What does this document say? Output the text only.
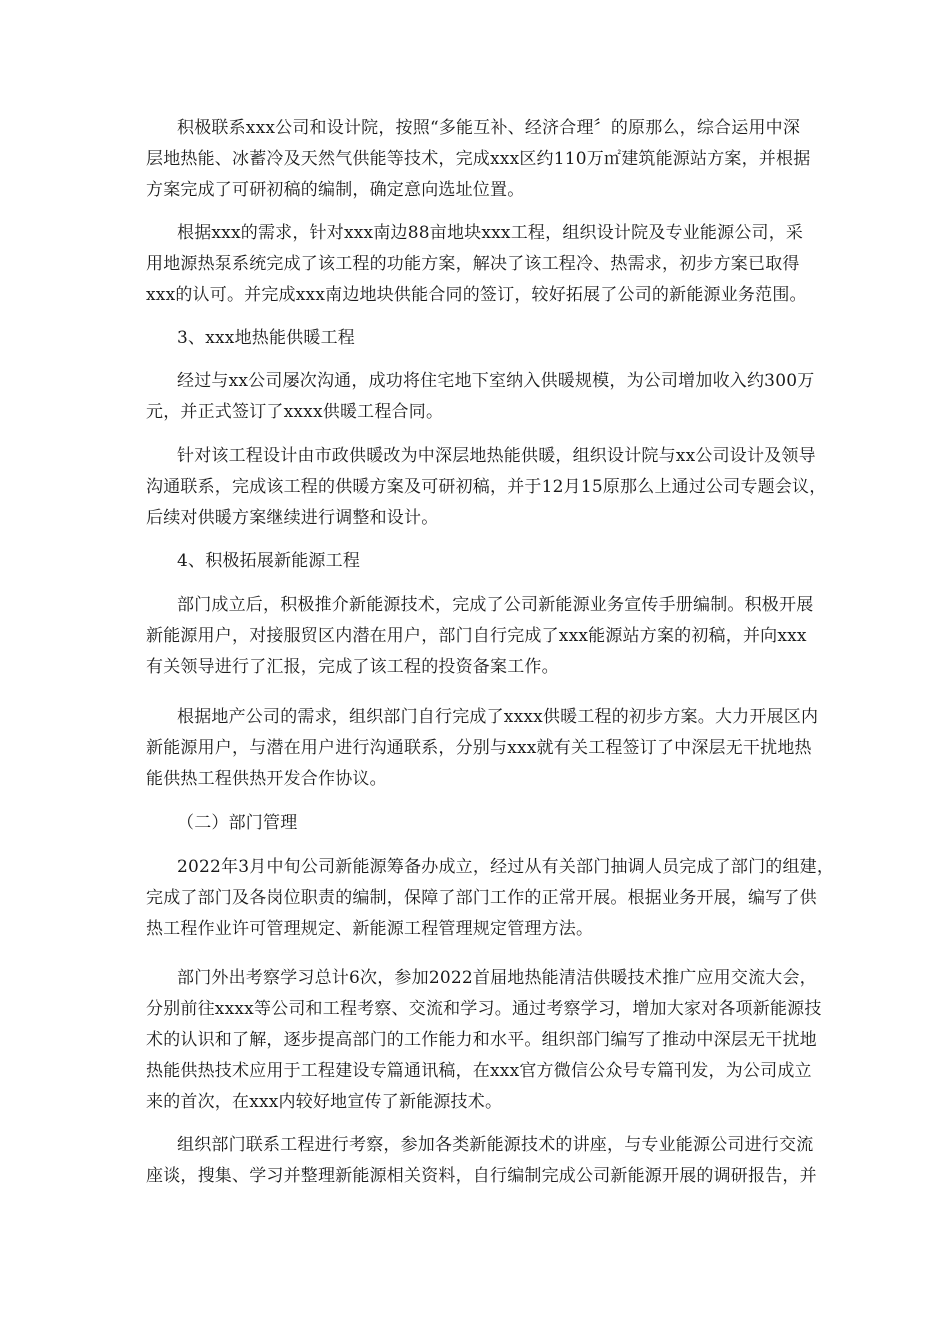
积极联系xxx公司和设计院，按照“多能互补、经济合理〞的原那么，综合运用中深
层地热能、冰蓄冷及天然气供能等技术，完成xxx区约110万㎡建筑能源站方案，并根据
方案完成了可研初稿的编制，确定意向选址位置。
根据xxx的需求，针对xxx南边88亩地块xxx工程，组织设计院及专业能源公司，采
用地源热泵系统完成了该工程的功能方案，解决了该工程冷、热需求，初步方案已取得
xxx的认可。并完成xxx南边地块供能合同的签订，较好拓展了公司的新能源业务范围。
3、xxx地热能供暖工程
经过与xx公司屡次沟通，成功将住宅地下室纳入供暖规模，为公司增加收入约300万
元，并正式签订了xxxx供暖工程合同。
针对该工程设计由市政供暖改为中深层地热能供暖，组织设计院与xx公司设计及领导
沟通联系，完成该工程的供暖方案及可研初稿，并于12月15原那么上通过公司专题会议，
后续对供暖方案继续进行调整和设计。
4、积极拓展新能源工程
部门成立后，积极推介新能源技术，完成了公司新能源业务宣传手册编制。积极开展
新能源用户，对接服贸区内潜在用户，部门自行完成了xxx能源站方案的初稿，并向xxx
有关领导进行了汇报，完成了该工程的投资备案工作。
根据地产公司的需求，组织部门自行完成了xxxx供暖工程的初步方案。大力开展区内
新能源用户，与潜在用户进行沟通联系，分别与xxx就有关工程签订了中深层无干扰地热
能供热工程供热开发合作协议。
（二）部门管理
2022年3月中旬公司新能源筹备办成立，经过从有关部门抽调人员完成了部门的组建，
完成了部门及各岗位职责的编制，保障了部门工作的正常开展。根据业务开展，编写了供
热工程作业许可管理规定、新能源工程管理规定管理方法。
部门外出考察学习总计6次，参加2022首届地热能清洁供暖技术推广应用交流大会，
分别前往xxxx等公司和工程考察、交流和学习。通过考察学习，增加大家对各项新能源技
术的认识和了解，逐步提高部门的工作能力和水平。组织部门编写了推动中深层无干扰地
热能供热技术应用于工程建设专篇通讯稿，在xxx官方微信公众号专篇刊发，为公司成立
来的首次，在xxx内较好地宣传了新能源技术。
组织部门联系工程进行考察，参加各类新能源技术的讲座，与专业能源公司进行交流
座谈，搜集、学习并整理新能源相关资料，自行编制完成公司新能源开展的调研报告，并
